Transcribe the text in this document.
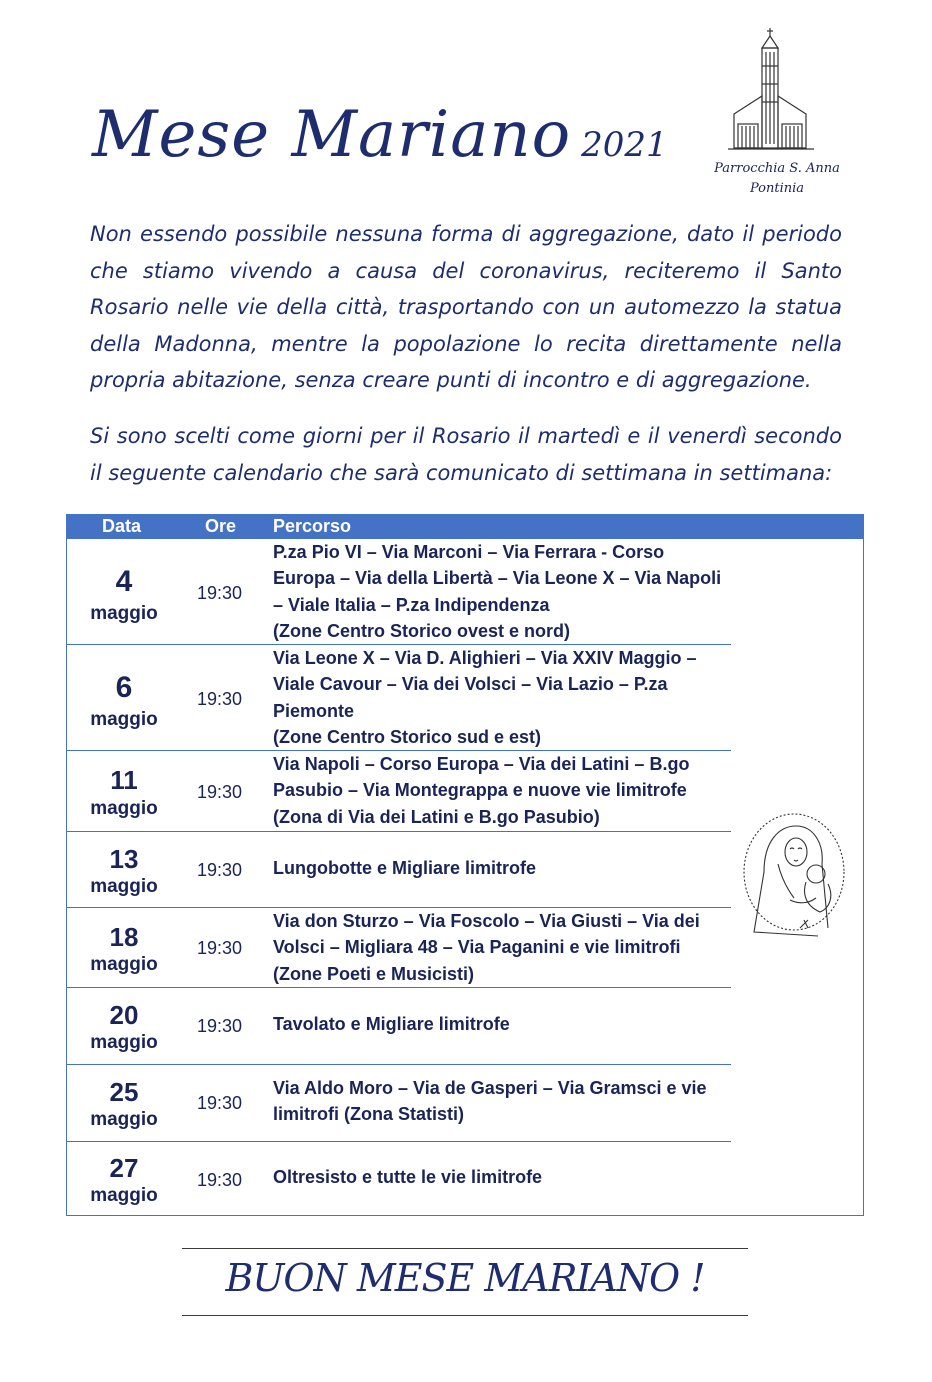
Mese Mariano 2021
Parrocchia S. Anna
Pontinia
Non essendo possibile nessuna forma di aggregazione, dato il periodo che stiamo vivendo a causa del coronavirus, reciteremo il Santo Rosario nelle vie della città, trasportando con un automezzo la statua della Madonna, mentre la popolazione lo recita direttamente nella propria abitazione, senza creare punti di incontro e di aggregazione.
Si sono scelti come giorni per il Rosario il martedì e il venerdì secondo il seguente calendario che sarà comunicato di settimana in settimana:
Data	Ore Percorso
4
maggio
19:30
P.za Pio VI – Via Marconi – Via Ferrara - Corso Europa – Via della Libertà – Via Leone X – Via Napoli – Viale Italia – P.za Indipendenza
(Zone Centro Storico ovest e nord)
6
maggio
19:30
Via Leone X – Via D. Alighieri – Via XXIV Maggio – Viale Cavour – Via dei Volsci – Via Lazio – P.za Piemonte
(Zone Centro Storico sud e est)
11
maggio
19:30
Via Napoli – Corso Europa – Via dei Latini – B.go Pasubio – Via Montegrappa e nuove vie limitrofe (Zona di Via dei Latini e B.go Pasubio)
13
maggio
19:30 Lungobotte e Migliare limitrofe
18
maggio
19:30
Via don Sturzo – Via Foscolo – Via Giusti – Via dei Volsci – Migliara 48 – Via Paganini e vie limitrofi (Zone Poeti e Musicisti)
20
maggio
19:30 Tavolato e Migliare limitrofe
25
maggio
19:30
Via Aldo Moro – Via de Gasperi – Via Gramsci e vie limitrofi (Zona Statisti)
27
maggio
19:30 Oltresisto e tutte le vie limitrofe
BUON MESE MARIANO !
